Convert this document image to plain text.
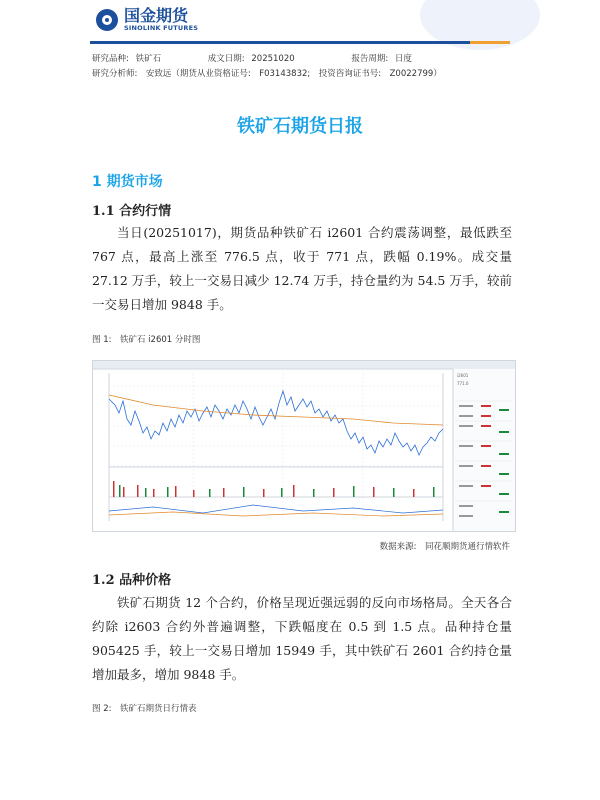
国金期货
SINOLINK FUTURES
研究品种: 铁矿石	成文日期: 20251020	报告周期: 日度
研究分析师:　安致远（期货从业资格证号:　F03143832;　投资咨询证书号:　Z0022799）
铁矿石期货日报
1 期货市场
1.1 合约行情
当日(20251017)，期货品种铁矿石 i2601 合约震荡调整，最低跌至 767 点，最高上涨至 776.5 点，收于 771 点，跌幅 0.19%。成交量 27.12 万手，较上一交易日减少 12.74 万手，持仓量约为 54.5 万手，较前一交易日增加 9848 手。
图 1:　铁矿石 i2601 分时图
i2601
771.0
数据来源:　同花顺期货通行情软件
1.2 品种价格
铁矿石期货 12 个合约，价格呈现近强远弱的反向市场格局。全天各合约除 i2603 合约外普遍调整，下跌幅度在 0.5 到 1.5 点。品种持仓量 905425 手，较上一交易日增加 15949 手，其中铁矿石 2601 合约持仓量增加最多，增加 9848 手。
图 2:　铁矿石期货日行情表
